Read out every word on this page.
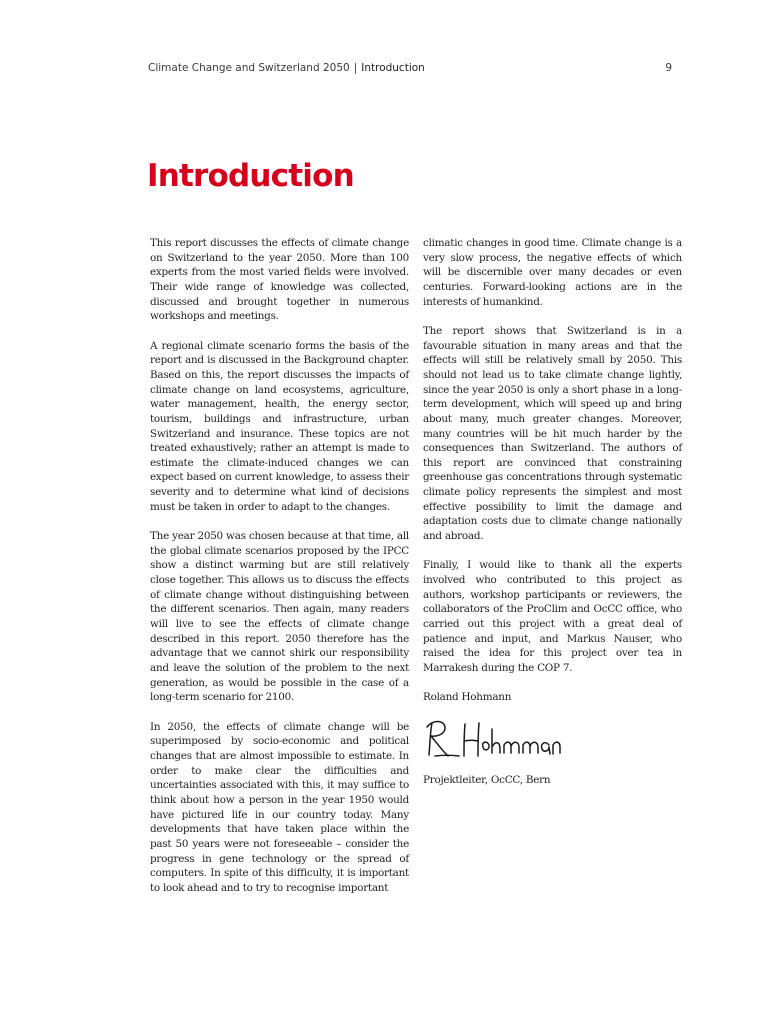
Climate Change and Switzerland 2050 | Introduction	9
Introduction

This report discusses the effects of climate change on Switzerland to the year 2050. More than 100 experts from the most varied fields were involved. Their wide range of knowledge was collected, discussed and brought together in numerous workshops and meetings.

A regional climate scenario forms the basis of the report and is discussed in the Background chapter. Based on this, the report discusses the impacts of climate change on land ecosystems, agriculture, water management, health, the energy sector, tourism, buildings and infrastructure, urban Switzerland and insurance. These topics are not treated exhaustively; rather an attempt is made to estimate the climate-induced changes we can expect based on current knowledge, to assess their severity and to determine what kind of decisions must be taken in order to adapt to the changes.

The year 2050 was chosen because at that time, all the global climate scenarios proposed by the IPCC show a distinct warming but are still relatively close together. This allows us to discuss the effects of climate change without distinguishing between the different scenarios. Then again, many readers will live to see the effects of climate change described in this report. 2050 therefore has the advantage that we cannot shirk our responsibility and leave the solution of the problem to the next generation, as would be possible in the case of a long-term scenario for 2100.

In 2050, the effects of climate change will be superimposed by socio-economic and political changes that are almost impossible to estimate. In order to make clear the difficulties and uncertainties associated with this, it may suffice to think about how a person in the year 1950 would have pictured life in our country today. Many developments that have taken place within the past 50 years were not foreseeable – consider the progress in gene technology or the spread of computers. In spite of this difficulty, it is important to look ahead and to try to recognise important

climatic changes in good time. Climate change is a very slow process, the negative effects of which will be discernible over many decades or even centuries. Forward-looking actions are in the interests of humankind.

The report shows that Switzerland is in a favourable situation in many areas and that the effects will still be relatively small by 2050. This should not lead us to take climate change lightly, since the year 2050 is only a short phase in a long-term development, which will speed up and bring about many, much greater changes. Moreover, many countries will be hit much harder by the consequences than Switzerland. The authors of this report are convinced that constraining greenhouse gas concentrations through systematic climate policy represents the simplest and most effective possibility to limit the damage and adaptation costs due to climate change nationally and abroad.

Finally, I would like to thank all the experts involved who contributed to this project as authors, workshop participants or reviewers, the collaborators of the ProClim and OcCC office, who carried out this project with a great deal of patience and input, and Markus Nauser, who raised the idea for this project over tea in Marrakesh during the COP 7.

Roland Hohmann

Projektleiter, OcCC, Bern
